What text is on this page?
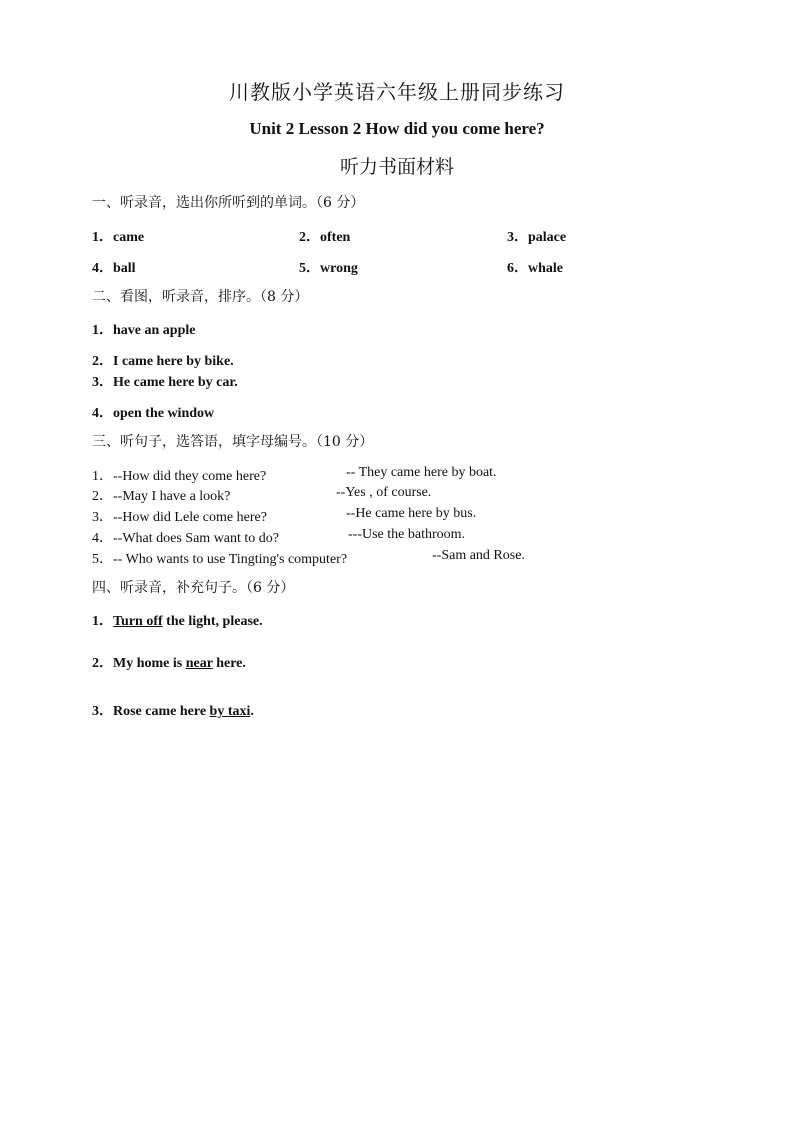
川教版小学英语六年级上册同步练习
Unit 2 Lesson 2 How did you come here?
听力书面材料
一、听录音，选出你所听到的单词。（6 分）
1．came	2．often	3．palace
4．ball	5．wrong	6．whale
二、看图，听录音，排序。（8 分）
1．have an apple
2．I came here by bike.
3．He came here by car.
4．open the window
三、听句子，选答语，填字母编号。（10 分）
1．--How did they come here?	-- They came here by boat.
2．--May I have a look?	--Yes , of course.
3．--How did Lele come here?	--He came here by bus.
4．--What does Sam want to do?	---Use the bathroom.
5．-- Who wants to use Tingting's computer?	--Sam and Rose.
四、听录音，补充句子。（6 分）
1．Turn off the light, please.
2．My home is near here.
3．Rose came here by taxi.
